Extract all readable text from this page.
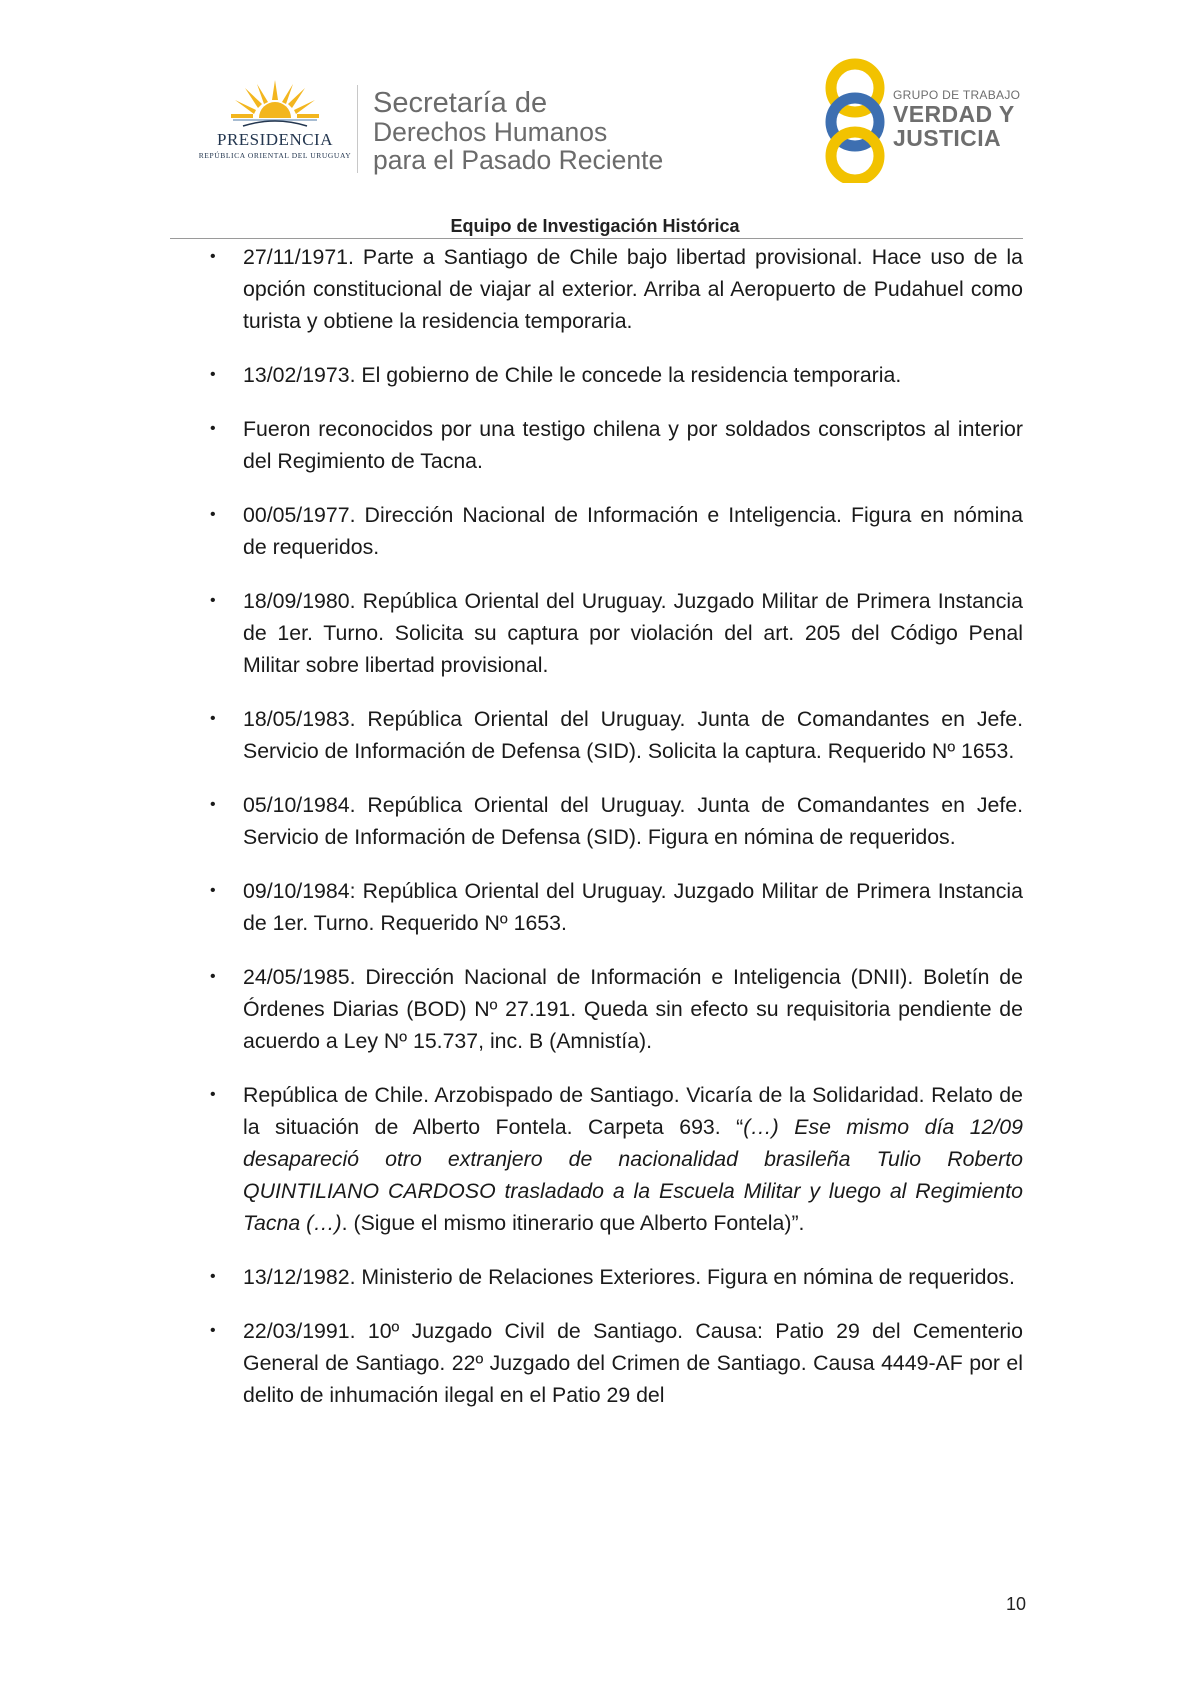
PRESIDENCIA
REPÚBLICA ORIENTAL DEL URUGUAY
Secretaría de
Derechos Humanos
para el Pasado Reciente
GRUPO DE TRABAJO
VERDAD Y
JUSTICIA
Equipo de Investigación Histórica
• 27/11/1971. Parte a Santiago de Chile bajo libertad provisional. Hace uso de la opción constitucional de viajar al exterior. Arriba al Aeropuerto de Pudahuel como turista y obtiene la residencia temporaria.
• 13/02/1973. El gobierno de Chile le concede la residencia temporaria.
• Fueron reconocidos por una testigo chilena y por soldados conscriptos al interior del Regimiento de Tacna.
• 00/05/1977. Dirección Nacional de Información e Inteligencia. Figura en nómina de requeridos.
• 18/09/1980. República Oriental del Uruguay. Juzgado Militar de Primera Instancia de 1er. Turno. Solicita su captura por violación del art. 205 del Código Penal Militar sobre libertad provisional.
• 18/05/1983. República Oriental del Uruguay. Junta de Comandantes en Jefe. Servicio de Información de Defensa (SID). Solicita la captura. Requerido Nº 1653.
• 05/10/1984. República Oriental del Uruguay. Junta de Comandantes en Jefe. Servicio de Información de Defensa (SID). Figura en nómina de requeridos.
• 09/10/1984: República Oriental del Uruguay. Juzgado Militar de Primera Instancia de 1er. Turno. Requerido Nº 1653.
• 24/05/1985. Dirección Nacional de Información e Inteligencia (DNII). Boletín de Órdenes Diarias (BOD) Nº 27.191. Queda sin efecto su requisitoria pendiente de acuerdo a Ley Nº 15.737, inc. B (Amnistía).
• República de Chile. Arzobispado de Santiago. Vicaría de la Solidaridad. Relato de la situación de Alberto Fontela. Carpeta 693. “(…) Ese mismo día 12/09 desapareció otro extranjero de nacionalidad brasileña Tulio Roberto QUINTILIANO CARDOSO trasladado a la Escuela Militar y luego al Regimiento Tacna (…). (Sigue el mismo itinerario que Alberto Fontela)”.
• 13/12/1982. Ministerio de Relaciones Exteriores. Figura en nómina de requeridos.
• 22/03/1991. 10º Juzgado Civil de Santiago. Causa: Patio 29 del Cementerio General de Santiago. 22º Juzgado del Crimen de Santiago. Causa 4449-AF por el delito de inhumación ilegal en el Patio 29 del
10
